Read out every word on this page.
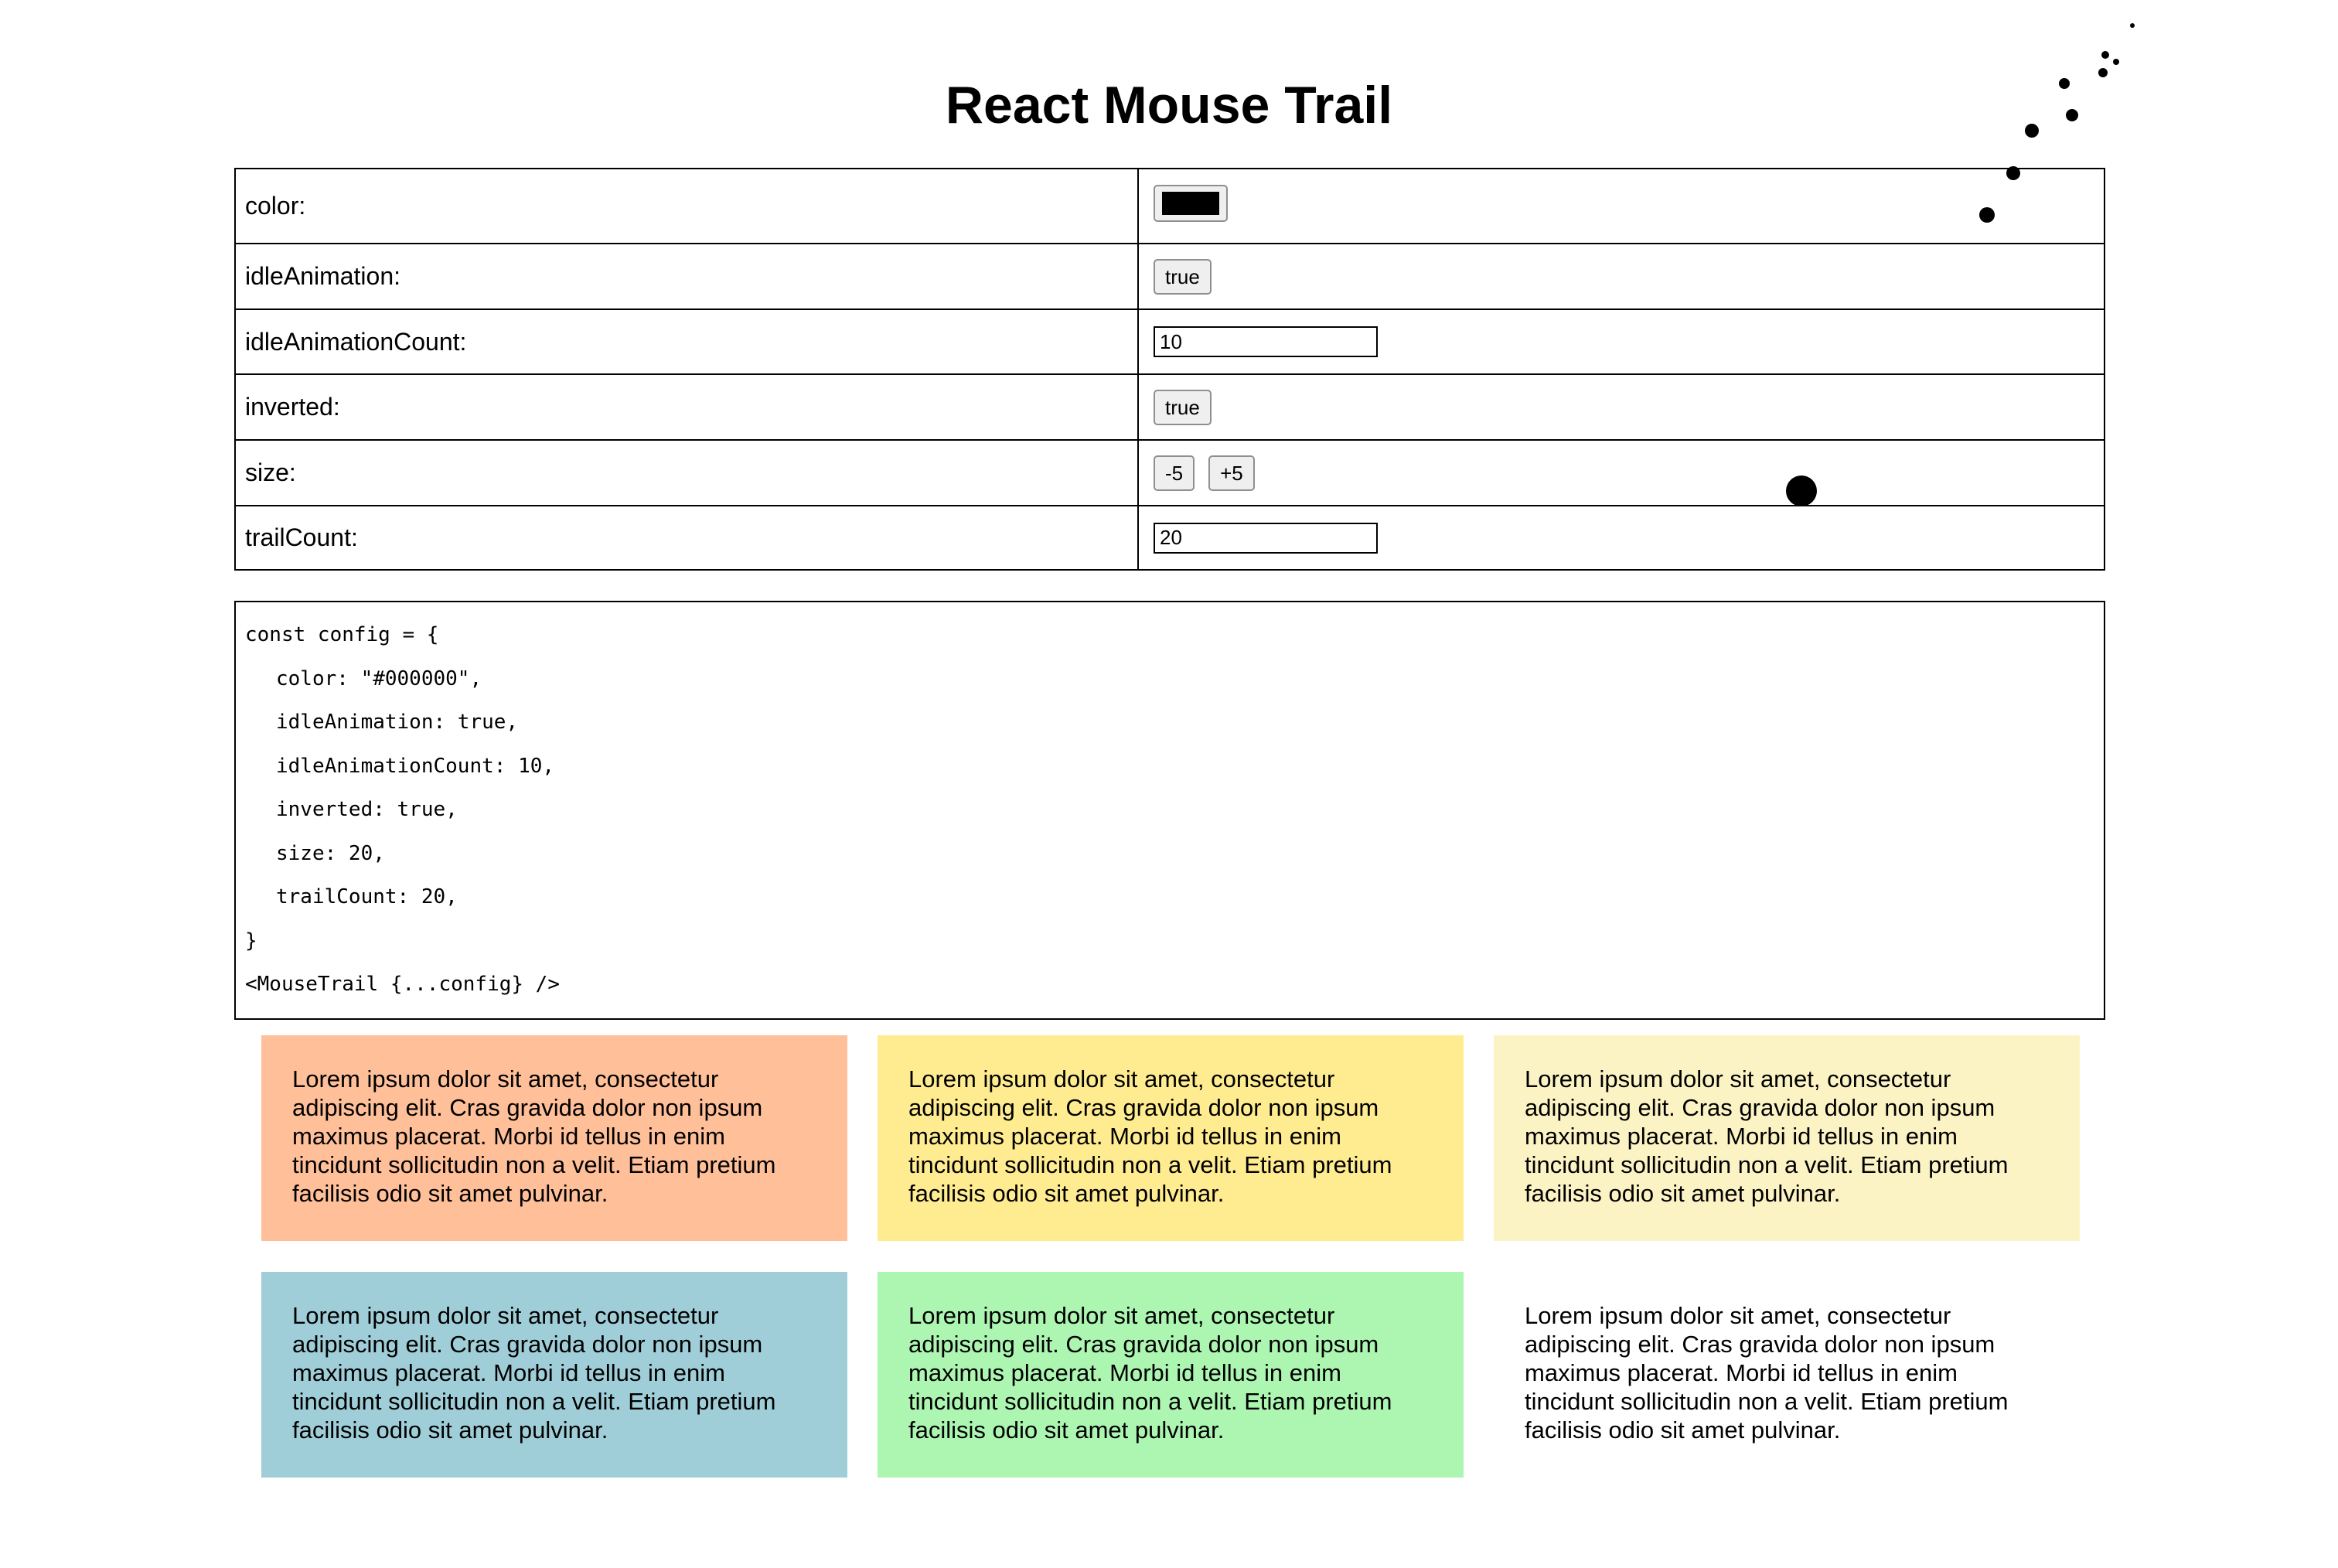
React Mouse Trail
color:	

idleAnimation:	true
idleAnimationCount:	10
inverted:	true
size:	-5 +5
trailCount:	20
const config = {
color: "#000000",
idleAnimation: true,
idleAnimationCount: 10,
inverted: true,
size: 20,
trailCount: 20,
}
<MouseTrail {...config} />
Lorem ipsum dolor sit amet, consectetur adipiscing elit. Cras gravida dolor non ipsum maximus placerat. Morbi id tellus in enim tincidunt sollicitudin non a velit. Etiam pretium facilisis odio sit amet pulvinar.
Lorem ipsum dolor sit amet, consectetur adipiscing elit. Cras gravida dolor non ipsum maximus placerat. Morbi id tellus in enim tincidunt sollicitudin non a velit. Etiam pretium facilisis odio sit amet pulvinar.
Lorem ipsum dolor sit amet, consectetur adipiscing elit. Cras gravida dolor non ipsum maximus placerat. Morbi id tellus in enim tincidunt sollicitudin non a velit. Etiam pretium facilisis odio sit amet pulvinar.
Lorem ipsum dolor sit amet, consectetur adipiscing elit. Cras gravida dolor non ipsum maximus placerat. Morbi id tellus in enim tincidunt sollicitudin non a velit. Etiam pretium facilisis odio sit amet pulvinar.
Lorem ipsum dolor sit amet, consectetur adipiscing elit. Cras gravida dolor non ipsum maximus placerat. Morbi id tellus in enim tincidunt sollicitudin non a velit. Etiam pretium facilisis odio sit amet pulvinar.
Lorem ipsum dolor sit amet, consectetur adipiscing elit. Cras gravida dolor non ipsum maximus placerat. Morbi id tellus in enim tincidunt sollicitudin non a velit. Etiam pretium facilisis odio sit amet pulvinar.
